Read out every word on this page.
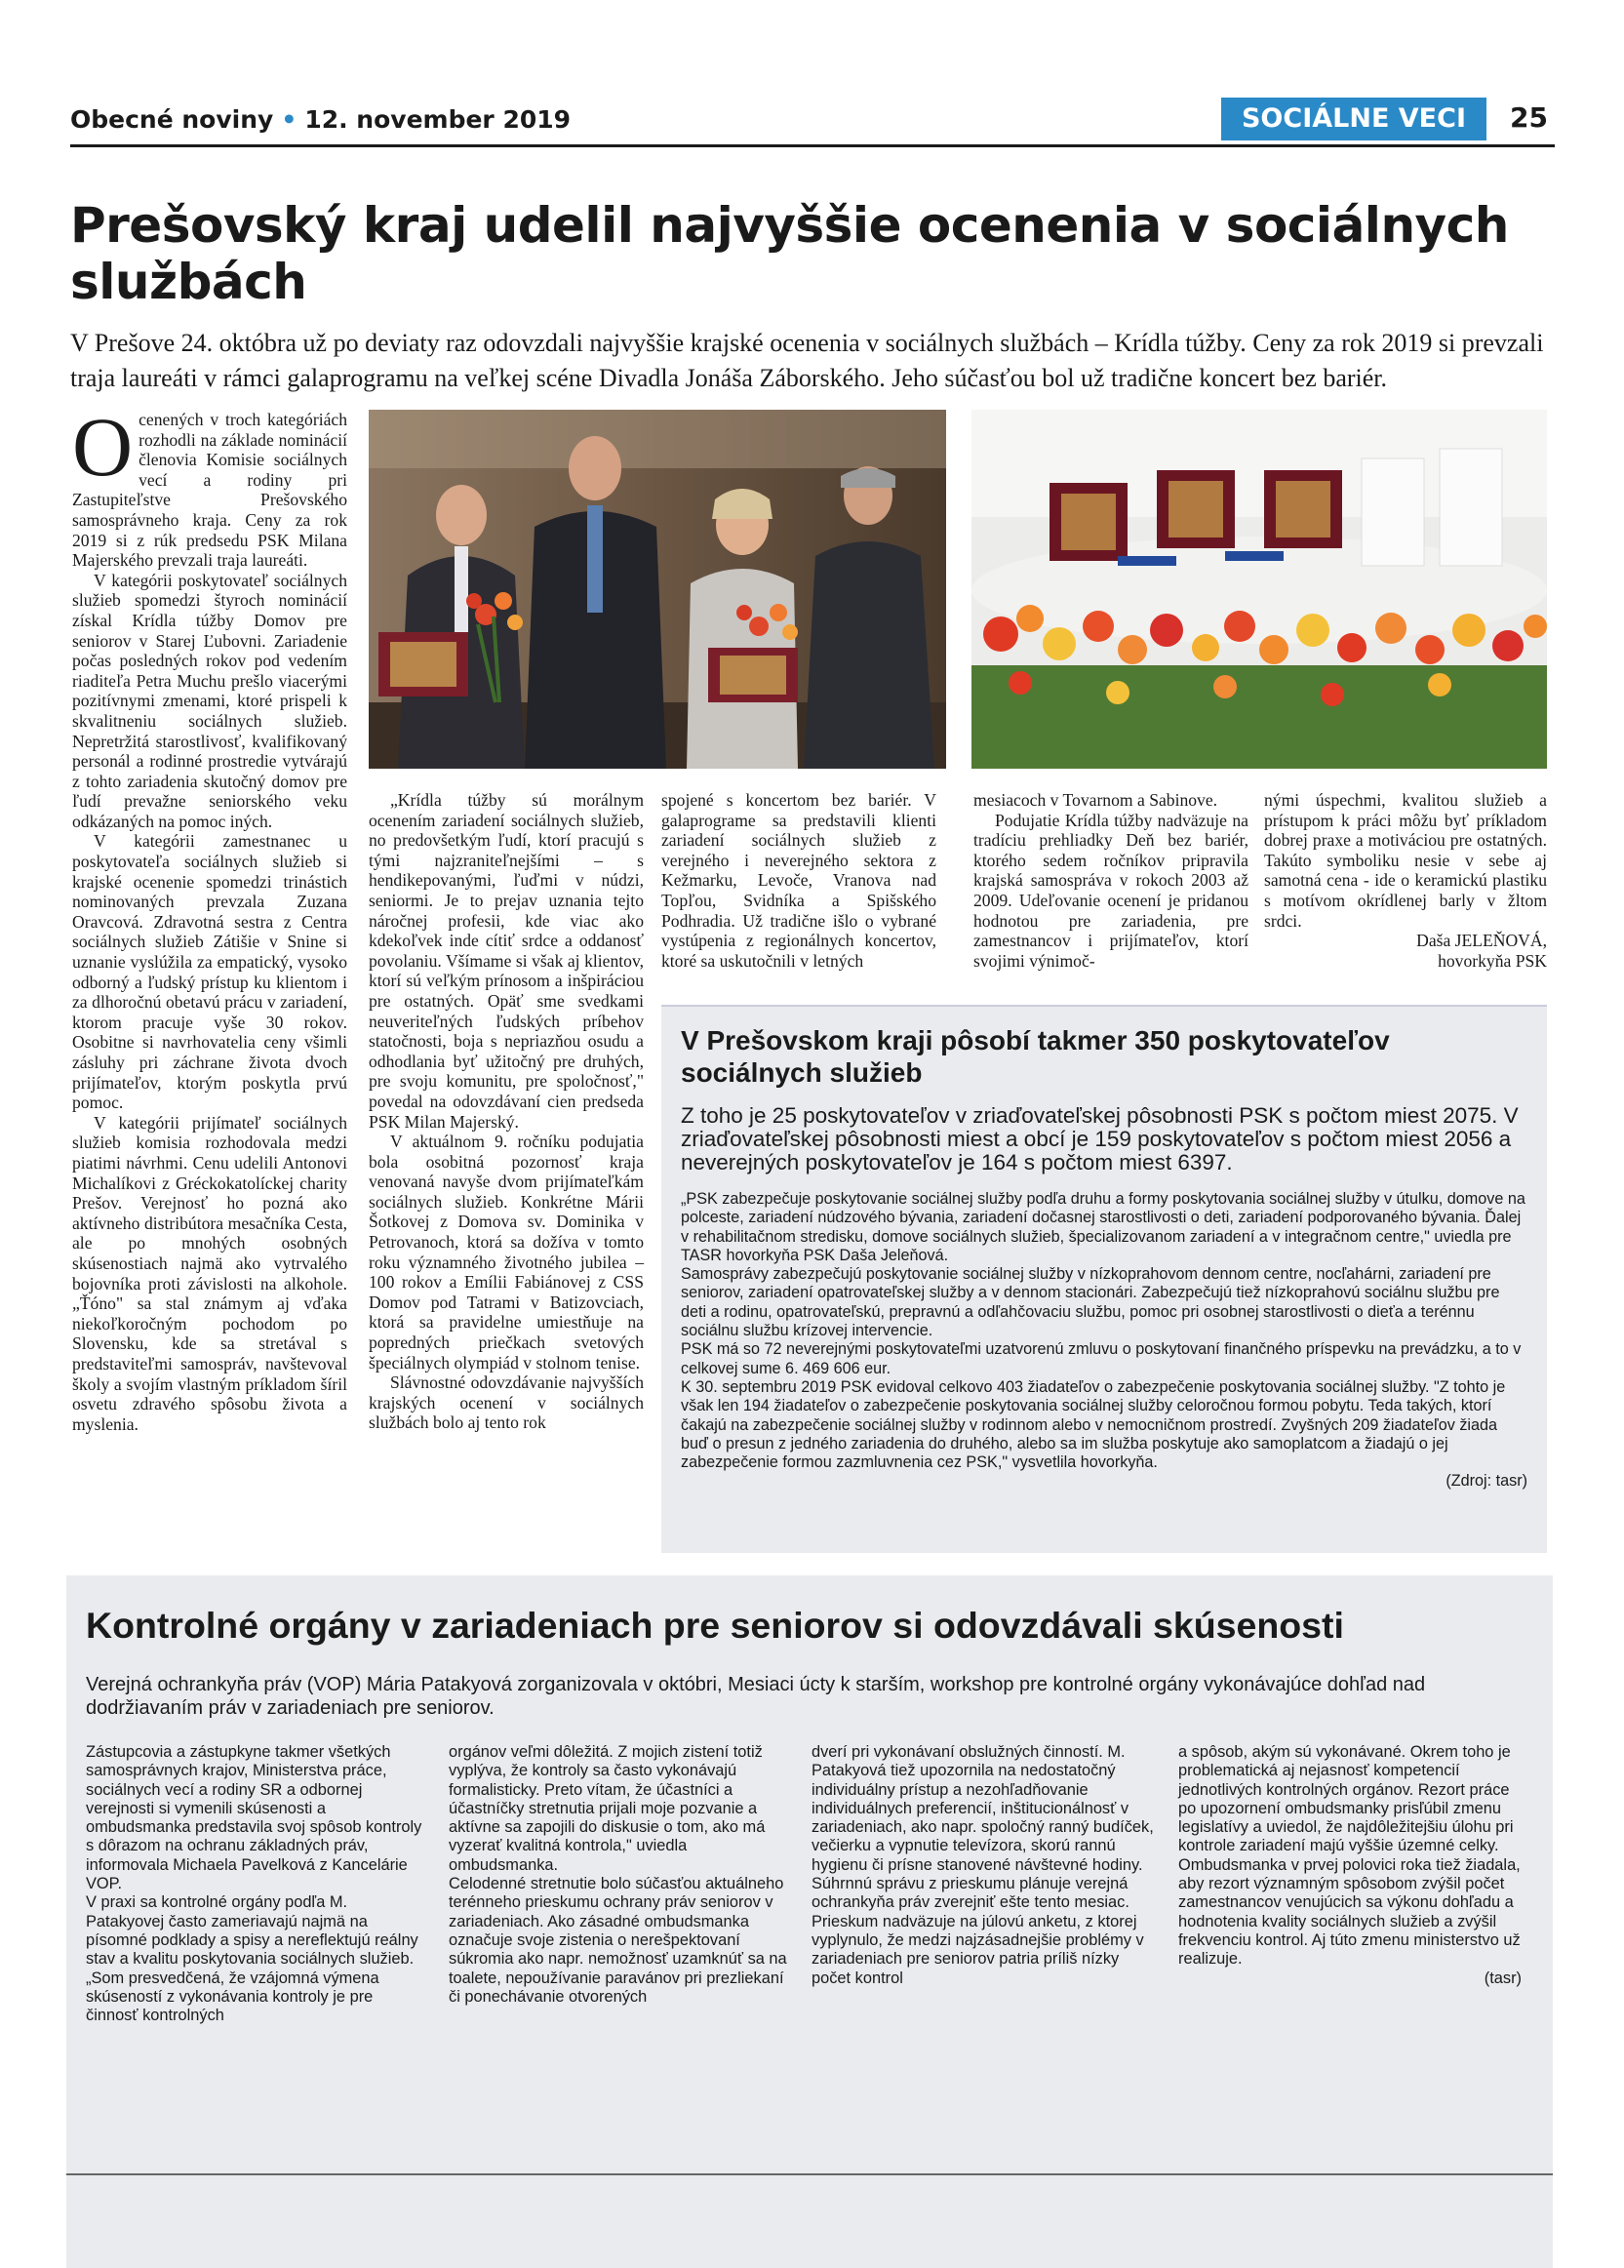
Obecné noviny • 12. november 2019	SOCIÁLNE VECI	25
Prešovský kraj udelil najvyššie ocenenia v sociálnych službách

V Prešove 24. októbra už po deviaty raz odovzdali najvyššie krajské ocenenia v sociálnych službách – Krídla túžby. Ceny za rok 2019 si prevzali traja laureáti v rámci galaprogramu na veľkej scéne Divadla Jonáša Záborského. Jeho súčasťou bol už tradične koncert bez bariér.

Ocenených v troch kategóriách rozhodli na základe nominácií členovia Komisie sociálnych vecí a rodiny pri Zastupiteľstve Prešovského samosprávneho kraja. Ceny za rok 2019 si z rúk predsedu PSK Milana Majerského prevzali traja laureáti.

V kategórii poskytovateľ sociálnych služieb spomedzi štyroch nominácií získal Krídla túžby Domov pre seniorov v Starej Ľubovni. Zariadenie počas posledných rokov pod vedením riaditeľa Petra Muchu prešlo viacerými pozitívnymi zmenami, ktoré prispeli k skvalitneniu sociálnych služieb. Nepretržitá starostlivosť, kvalifikovaný personál a rodinné prostredie vytvárajú z tohto zariadenia skutočný domov pre ľudí prevažne seniorského veku odkázaných na pomoc iných.

V kategórii zamestnanec u poskytovateľa sociálnych služieb si krajské ocenenie spomedzi trinástich nominovaných prevzala Zuzana Oravcová. Zdravotná sestra z Centra sociálnych služieb Zátišie v Snine si uznanie vyslúžila za empatický, vysoko odborný a ľudský prístup ku klientom i za dlhoročnú obetavú prácu v zariadení, ktorom pracuje vyše 30 rokov. Osobitne si navrhovatelia ceny všimli zásluhy pri záchrane života dvoch prijímateľov, ktorým poskytla prvú pomoc.

V kategórii prijímateľ sociálnych služieb komisia rozhodovala medzi piatimi návrhmi. Cenu udelili Antonovi Michalíkovi z Gréckokatolíckej charity Prešov. Verejnosť ho pozná ako aktívneho distribútora mesačníka Cesta, ale po mnohých osobných skúsenostiach najmä ako vytrvalého bojovníka proti závislosti na alkohole. „Ťóno" sa stal známym aj vďaka niekoľkoročným pochodom po Slovensku, kde sa stretával s predstaviteľmi samospráv, navštevoval školy a svojím vlastným príkladom šíril osvetu zdravého spôsobu života a myslenia.

„Krídla túžby sú morálnym ocenením zariadení sociálnych služieb, no predovšetkým ľudí, ktorí pracujú s tými najzraniteľnejšími – s hendikepovanými, ľuďmi v núdzi, seniormi. Je to prejav uznania tejto náročnej profesii, kde viac ako kdekoľvek inde cítiť srdce a oddanosť povolaniu. Všímame si však aj klientov, ktorí sú veľkým prínosom a inšpiráciou pre ostatných. Opäť sme svedkami neuveriteľných ľudských príbehov statočnosti, boja s nepriazňou osudu a odhodlania byť užitočný pre druhých, pre svoju komunitu, pre spoločnosť," povedal na odovzdávaní cien predseda PSK Milan Majerský.

V aktuálnom 9. ročníku podujatia bola osobitná pozornosť kraja venovaná navyše dvom prijímateľkám sociálnych služieb. Konkrétne Márii Šotkovej z Domova sv. Dominika v Petrovanoch, ktorá sa dožíva v tomto roku významného životného jubilea – 100 rokov a Emílii Fabiánovej z CSS Domov pod Tatrami v Batizovciach, ktorá sa pravidelne umiestňuje na popredných priečkach svetových špeciálnych olympiád v stolnom tenise.

Slávnostné odovzdávanie najvyšších krajských ocenení v sociálnych službách bolo aj tento rok

spojené s koncertom bez bariér. V galaprograme sa predstavili klienti zariadení sociálnych služieb z verejného i neverejného sektora z Kežmarku, Levoče, Vranova nad Topľou, Svidníka a Spišského Podhradia. Už tradične išlo o vybrané vystúpenia z regionálnych koncertov, ktoré sa uskutočnili v letných

mesiacoch v Tovarnom a Sabinove.

Podujatie Krídla túžby nadväzuje na tradíciu prehliadky Deň bez bariér, ktorého sedem ročníkov pripravila krajská samospráva v rokoch 2003 až 2009. Udeľovanie ocenení je pridanou hodnotou pre zariadenia, pre zamestnancov i prijímateľov, ktorí svojimi výnimoč-

nými úspechmi, kvalitou služieb a prístupom k práci môžu byť príkladom dobrej praxe a motiváciou pre ostatných. Takúto symboliku nesie v sebe aj samotná cena - ide o keramickú plastiku s motívom okrídlenej barly v žltom srdci.

Daša JELEŇOVÁ,

hovorkyňa PSK

V Prešovskom kraji pôsobí takmer 350 poskytovateľov sociálnych služieb

Z toho je 25 poskytovateľov v zriaďovateľskej pôsobnosti PSK s počtom miest 2075. V zriaďovateľskej pôsobnosti miest a obcí je 159 poskytovateľov s počtom miest 2056 a neverejných poskytovateľov je 164 s počtom miest 6397.

„PSK zabezpečuje poskytovanie sociálnej služby podľa druhu a formy poskytovania sociálnej služby v útulku, domove na polceste, zariadení núdzového bývania, zariadení dočasnej starostlivosti o deti, zariadení podporovaného bývania. Ďalej v rehabilitačnom stredisku, domove sociálnych služieb, špecializovanom zariadení a v integračnom centre," uviedla pre TASR hovorkyňa PSK Daša Jeleňová.

Samosprávy zabezpečujú poskytovanie sociálnej služby v nízkoprahovom dennom centre, nocľahárni, zariadení pre seniorov, zariadení opatrovateľskej služby a v dennom stacionári. Zabezpečujú tiež nízkoprahovú sociálnu službu pre deti a rodinu, opatrovateľskú, prepravnú a odľahčovaciu službu, pomoc pri osobnej starostlivosti o dieťa a terénnu sociálnu službu krízovej intervencie.

PSK má so 72 neverejnými poskytovateľmi uzatvorenú zmluvu o poskytovaní finančného príspevku na prevádzku, a to v celkovej sume 6. 469 606 eur.

K 30. septembru 2019 PSK evidoval celkovo 403 žiadateľov o zabezpečenie poskytovania sociálnej služby. "Z tohto je však len 194 žiadateľov o zabezpečenie poskytovania sociálnej služby celoročnou formou pobytu. Teda takých, ktorí čakajú na zabezpečenie sociálnej služby v rodinnom alebo v nemocničnom prostredí. Zvyšných 209 žiadateľov žiada buď o presun z jedného zariadenia do druhého, alebo sa im služba poskytuje ako samoplatcom a žiadajú o jej zabezpečenie formou zazmluvnenia cez PSK," vysvetlila hovorkyňa.

(Zdroj: tasr)

Kontrolné orgány v zariadeniach pre seniorov si odovzdávali skúsenosti

Verejná ochrankyňa práv (VOP) Mária Patakyová zorganizovala v októbri, Mesiaci úcty k starším, workshop pre kontrolné orgány vykonávajúce dohľad nad dodržiavaním práv v zariadeniach pre seniorov.

Zástupcovia a zástupkyne takmer všetkých samosprávnych krajov, Ministerstva práce, sociálnych vecí a rodiny SR a odbornej verejnosti si vymenili skúsenosti a ombudsmanka predstavila svoj spôsob kontroly s dôrazom na ochranu základných práv, informovala Michaela Pavelková z Kancelárie VOP.

V praxi sa kontrolné orgány podľa M. Patakyovej často zameriavajú najmä na písomné podklady a spisy a nereflektujú reálny stav a kvalitu poskytovania sociálnych služieb. „Som presvedčená, že vzájomná výmena skúseností z vykonávania kontroly je pre činnosť kontrolných

orgánov veľmi dôležitá. Z mojich zistení totiž vyplýva, že kontroly sa často vykonávajú formalisticky. Preto vítam, že účastníci a účastníčky stretnutia prijali moje pozvanie a aktívne sa zapojili do diskusie o tom, ako má vyzerať kvalitná kontrola," uviedla ombudsmanka.

Celodenné stretnutie bolo súčasťou aktuálneho terénneho prieskumu ochrany práv seniorov v zariadeniach. Ako zásadné ombudsmanka označuje svoje zistenia o nerešpektovaní súkromia ako napr. nemožnosť uzamknúť sa na toalete, nepoužívanie paravánov pri prezliekaní či ponechávanie otvorených

dverí pri vykonávaní obslužných činností. M. Patakyová tiež upozornila na nedostatočný individuálny prístup a nezohľadňovanie individuálnych preferencií, inštitucionálnosť v zariadeniach, ako napr. spoločný ranný budíček, večierku a vypnutie televízora, skorú rannú hygienu či prísne stanovené návštevné hodiny.

Súhrnnú správu z prieskumu plánuje verejná ochrankyňa práv zverejniť ešte tento mesiac.

Prieskum nadväzuje na júlovú anketu, z ktorej vyplynulo, že medzi najzásadnejšie problémy v zariadeniach pre seniorov patria príliš nízky počet kontrol

a spôsob, akým sú vykonávané. Okrem toho je problematická aj nejasnosť kompetencií jednotlivých kontrolných orgánov. Rezort práce po upozornení ombudsmanky prisľúbil zmenu legislatívy a uviedol, že najdôležitejšiu úlohu pri kontrole zariadení majú vyššie územné celky. Ombudsmanka v prvej polovici roka tiež žiadala, aby rezort významným spôsobom zvýšil počet zamestnancov venujúcich sa výkonu dohľadu a hodnotenia kvality sociálnych služieb a zvýšil frekvenciu kontrol. Aj túto zmenu ministerstvo už realizuje.

(tasr)
